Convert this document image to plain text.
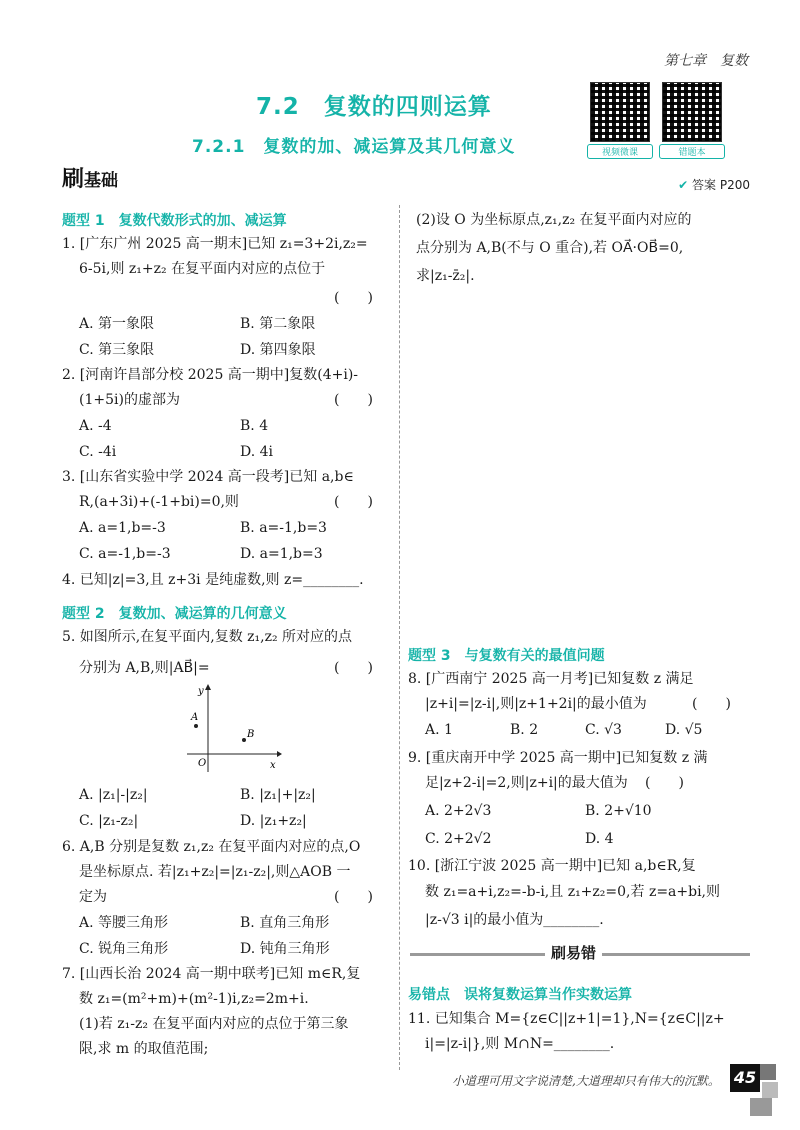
第七章　复数
7.2　复数的四则运算
7.2.1　复数的加、减运算及其几何意义	视频微课	错题本
刷基础	✔ 答案 P200
题型 1　复数代数形式的加、减运算
1. [广东广州 2025 高一期末]已知 z₁=3+2i,z₂=
6-5i,则 z₁+z₂ 在复平面内对应的点位于
(　　)
A. 第一象限	B. 第二象限
C. 第三象限	D. 第四象限
2. [河南许昌部分校 2025 高一期中]复数(4+i)-
(1+5i)的虚部为	(　　)
A. -4	B. 4
C. -4i	D. 4i
3. [山东省实验中学 2024 高一段考]已知 a,b∈
R,(a+3i)+(-1+bi)=0,则	(　　)
A. a=1,b=-3	B. a=-1,b=3
C. a=-1,b=-3	D. a=1,b=3
4. 已知|z|=3,且 z+3i 是纯虚数,则 z=________.
题型 2　复数加、减运算的几何意义
5. 如图所示,在复平面内,复数 z₁,z₂ 所对应的点
分别为 A,B,则|AB⃗|=	(　　)
y
x
O
A
B
A. |z₁|-|z₂|	B. |z₁|+|z₂|
C. |z₁-z₂|	D. |z₁+z₂|
6. A,B 分别是复数 z₁,z₂ 在复平面内对应的点,O
是坐标原点. 若|z₁+z₂|=|z₁-z₂|,则△AOB 一
定为	(　　)
A. 等腰三角形	B. 直角三角形
C. 锐角三角形	D. 钝角三角形
7. [山西长治 2024 高一期中联考]已知 m∈R,复
数 z₁=(m²+m)+(m²-1)i,z₂=2m+i.
(1)若 z₁-z₂ 在复平面内对应的点位于第三象
限,求 m 的取值范围;
(2)设 O 为坐标原点,z₁,z₂ 在复平面内对应的
点分别为 A,B(不与 O 重合),若 OA⃗·OB⃗=0,
求|z₁-z̄₂|.
题型 3　与复数有关的最值问题
8. [广西南宁 2025 高一月考]已知复数 z 满足
|z+i|=|z-i|,则|z+1+2i|的最小值为	(　　)
A. 1	B. 2	C. √3	D. √5
9. [重庆南开中学 2025 高一期中]已知复数 z 满
足|z+2-i|=2,则|z+i|的最大值为 (　　)
A. 2+2√3	B. 2+√10
C. 2+2√2	D. 4
10. [浙江宁波 2025 高一期中]已知 a,b∈R,复
数 z₁=a+i,z₂=-b-i,且 z₁+z₂=0,若 z=a+bi,则
|z-√3 i|的最小值为________.
刷易错
易错点　误将复数运算当作实数运算
11. 已知集合 M={z∈C||z+1|=1},N={z∈C||z+
i|=|z-i|},则 M∩N=________.
小道理可用文字说清楚,大道理却只有伟大的沉默。 45
